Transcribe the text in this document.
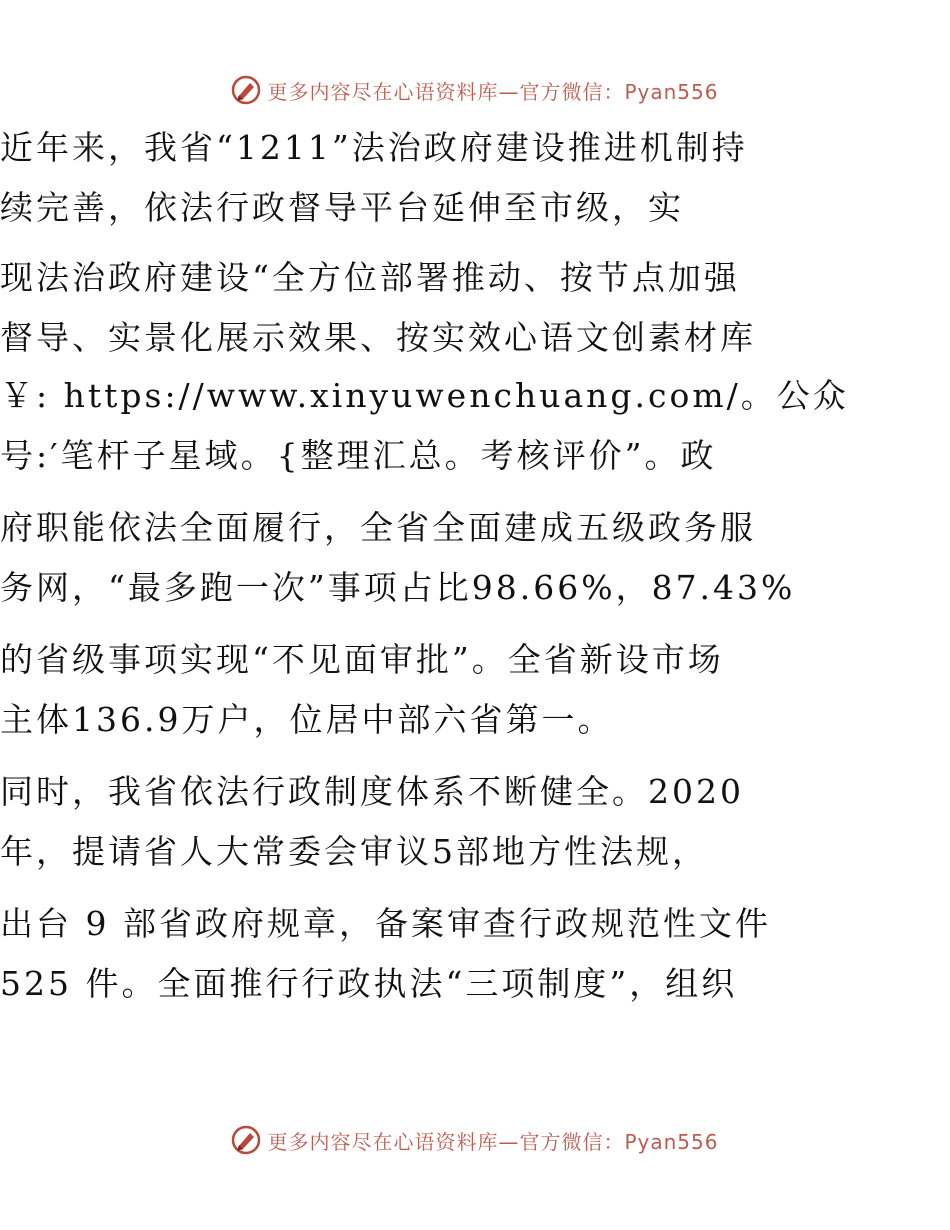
更多内容尽在心语资料库—官方微信：Pyan556
近年来，我省“1211”法治政府建设推进机制持
续完善，依法行政督导平台延伸至市级，实
现法治政府建设“全方位部署推动、按节点加强
督导、实景化展示效果、按实效心语文创素材库
￥: https://www.xinyuwenchuang.com/。公众
号:′笔杆子星域。{整理汇总。考核评价”。政
府职能依法全面履行，全省全面建成五级政务服
务网，“最多跑一次”事项占比98.66%，87.43%
的省级事项实现“不见面审批”。全省新设市场
主体136.9万户，位居中部六省第一。
同时，我省依法行政制度体系不断健全。2020
年，提请省人大常委会审议5部地方性法规，
出台 9 部省政府规章，备案审查行政规范性文件
525 件。全面推行行政执法“三项制度”，组织
更多内容尽在心语资料库—官方微信：Pyan556
